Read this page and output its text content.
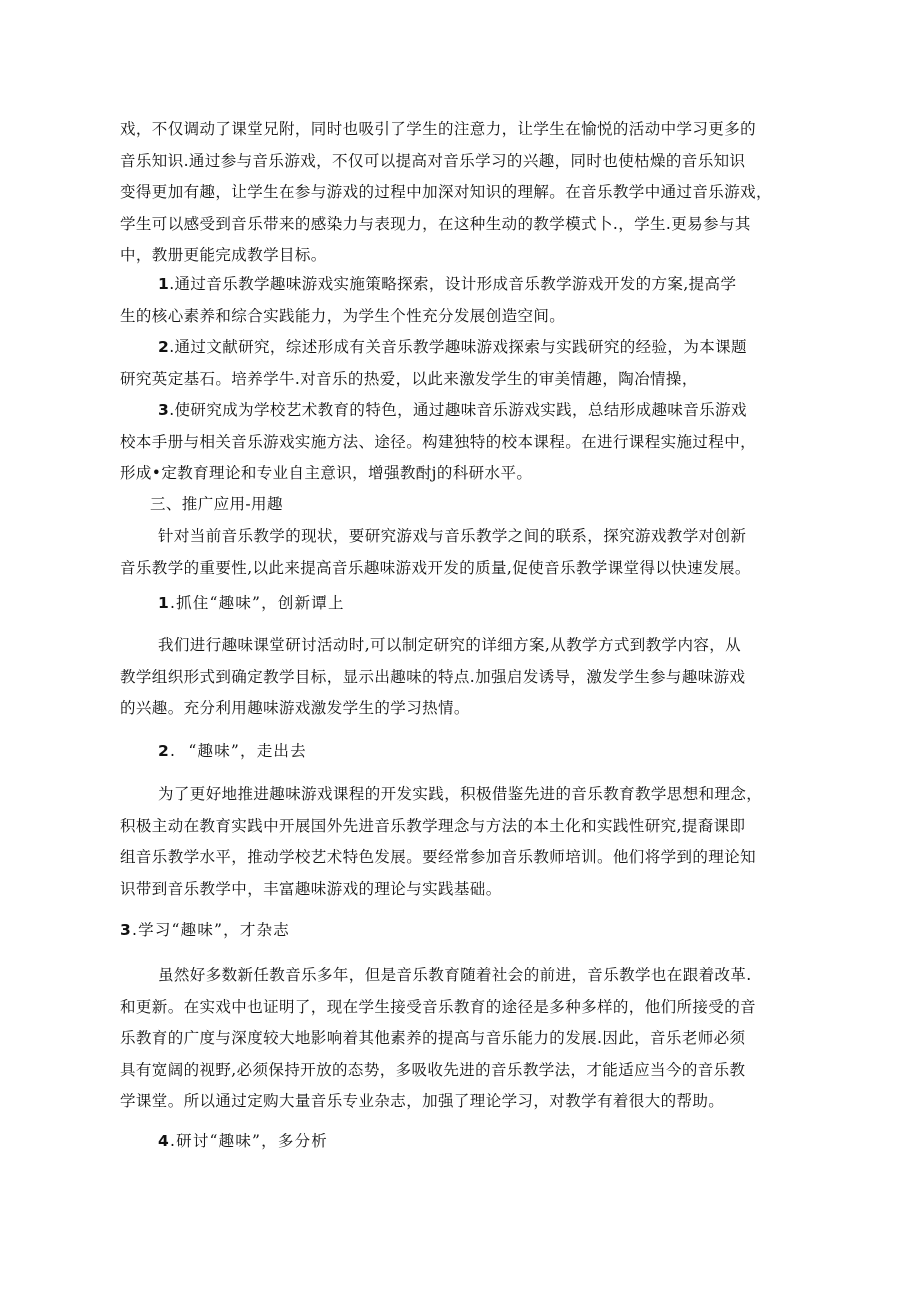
戏，不仅调动了课堂兄附，同时也吸引了学生的注意力，让学生在愉悦的活动中学习更多的
音乐知识.通过参与音乐游戏，不仅可以提高对音乐学习的兴趣，同时也使枯燥的音乐知识
变得更加有趣，让学生在参与游戏的过程中加深对知识的理解。在音乐教学中通过音乐游戏，
学生可以感受到音乐带来的感染力与表现力，在这种生动的教学模式卜.，学生.更易参与其
中，教册更能完成教学目标。
1.通过音乐教学趣味游戏实施策略探索，设计形成音乐教学游戏开发的方案,提高学
生的核心素养和综合实践能力，为学生个性充分发展创造空间。
2.通过文献研究，综述形成有关音乐教学趣味游戏探索与实践研究的经验，为本课题
研究英定基石。培养学牛.对音乐的热爱，以此来激发学生的审美情趣，陶冶情操，
3.使研究成为学校艺术教育的特色，通过趣味音乐游戏实践，总结形成趣味音乐游戏
校本手册与相关音乐游戏实施方法、途径。构建独特的校本课程。在进行课程实施过程中，
形成•定教育理论和专业自主意识，增强教酎j的科研水平。
三、推广应用-用趣
针对当前音乐教学的现状，要研究游戏与音乐教学之间的联系，探究游戏教学对创新
音乐教学的重要性,以此来提高音乐趣味游戏开发的质量,促使音乐教学课堂得以快速发展。
1.抓住“趣味”，创新谭上
我们进行趣味课堂研讨活动时,可以制定研究的详细方案,从教学方式到教学内容，从
教学组织形式到确定教学目标，显示出趣味的特点.加强启发诱导，激发学生参与趣味游戏
的兴趣。充分利用趣味游戏激发学生的学习热情。
2.  “趣味”，走出去
为了更好地推进趣味游戏课程的开发实践，积极借鉴先进的音乐教育教学思想和理念，
积极主动在教育实践中开展国外先进音乐教学理念与方法的本土化和实践性研究,提裔课即
组音乐教学水平，推动学校艺术特色发展。要经常参加音乐教师培训。他们将学到的理论知
识带到音乐教学中，丰富趣味游戏的理论与实践基础。
3.学习“趣味”，才杂志
虽然好多数新任教音乐多年，但是音乐教育随着社会的前进，音乐教学也在跟着改革.
和更新。在实戏中也证明了，现在学生接受音乐教育的途径是多种多样的，他们所接受的音
乐教育的广度与深度较大地影响着其他素养的提高与音乐能力的发展.因此，音乐老师必须
具有宽阔的视野,必须保持开放的态势，多吸收先进的音乐教学法，才能适应当今的音乐教
学课堂。所以通过定购大量音乐专业杂志，加强了理论学习，对教学有着很大的帮助。
4.研讨“趣味”，多分析
